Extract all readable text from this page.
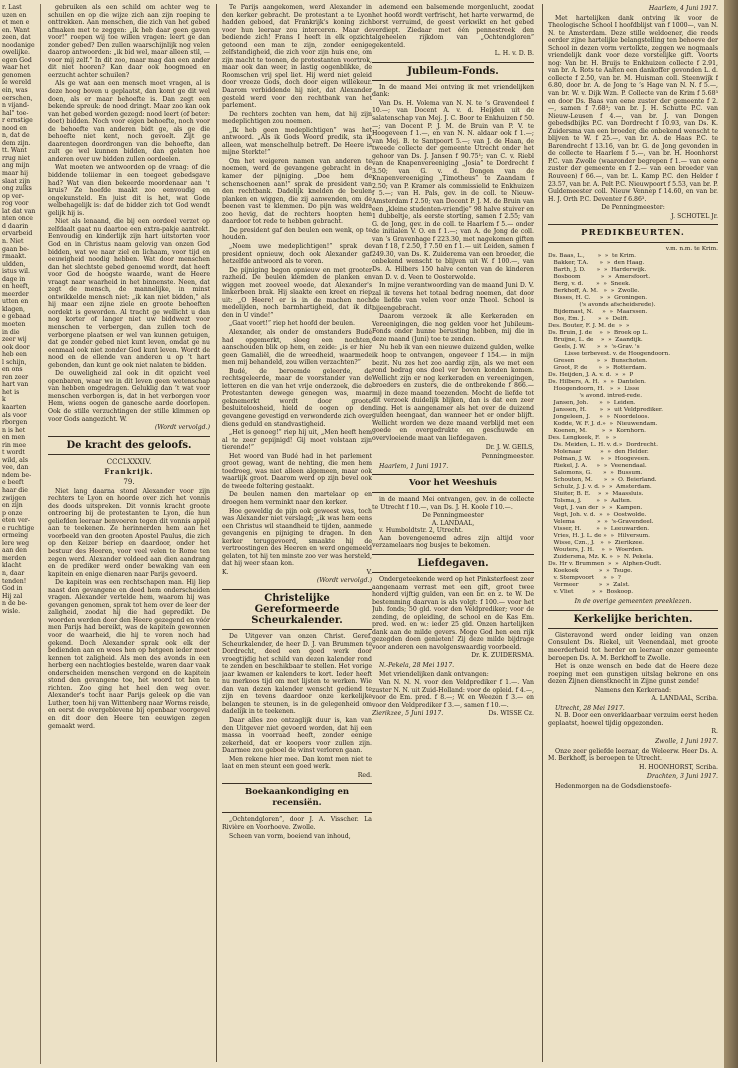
r. Last
uzen en
et men e
en. Want
zeen, dat
noodanige
owelijke.
egen God
waar het
genomen
le wereld
ein, was
eerschen,
n vijand-
hal" toe-
r ernstige
nood en
n, dat de
dem zijn.
tt. Want
rrug niet
ang mijn
maar hij
slaat zijn
ong zulks
op ver-
rog voor
lat dat van
nten once
d daarin
ervarbeid
n. Niet
gaan be-
rmaakt.
uldden,
istus wil.
dage in
en heeft,
meerder
utten en
klagen,
e gebaad
moeten
in die
zeer wij
ook door
heb een
l schijn,
en ons
ren zeer
hart van
het is
k
kaarten
als voor
rborgen
n is het
en men
rin mee
t wordt
wild, als
vee, dan
ndem be-
e beeft
haar die
zwijgen
en zijn
p onze
eten ver-
e ruchtige
ermeing
lere weg
aan den
merden
klacht
n, daar
tenden!
God in
Hij zal
n de be-
wisle.

gebruiken als een schild om achter weg te schuilen en op die wijze zich aan zijn roeping te onttrekken. Aan menschen, die zich van het gebed afmaken met te zeggen: „ik heb daar geen gaven voor!” roepen wij toe willen vragen: leert ge dan zonder gebed? Den zullen waarschijnlijk nog velen daarop antwoorden: „ik bid wel, maar alleen stil, — voor mij zelf.” In dit zoo, maar mag dan een ander dit niet hooren? Kan daar ook hoogmoed en eerzucht achter schuilen?

Als ge wat aan een mensch moet vragen, al is deze hoog boven u geplaatst, dan komt ge dit wel doen, als er maar behoefte is. Dan zegt een bekende spreuk: de nood dringt. Maar zoo kan ook van het gebed worden gezegd: nood leert (of beter: doet) bidden. Noch voor eigen behoefte, noch voor de behoefte van anderen bidt ge, als ge die behoefte niet kent, noch gevoelt. Zijt ge daarentegen doordrongen van die behoefte, dan zult ge wel kunnen bidden, dan gelaten hoe anderen over uw bidden zullen oordeelen.

Wat moeten we antwoorden op de vraag: of die biddende toliiemar in een toegeet gebedsgave had? Wat van dien bekeerde moordenaar aan 't kruis? Ze hoefde maakt zoo eenvoudig en ongekunsteld. En juist dit is het, wat Gode welbehagelijk is: dat de bidder zich tot God wendt gelijk hij is.

Niet als lenaand, die bij een oordeel verzet op zelfdaalt gaat nu daartoe een extra-pakje aantrekt. Eenvoudig en kinderlijk zijn hart uitstorten voor God en in Christus naam gelovig van onzen God bidden, wat we naar ziel en lichaam, voor tijd en eeuwigheid noodig hebben. Wat door menschen dan het slechtste gebed genoemd wordt, dat heeft voor God de hoogste waarde, want de Heere vraagt naar waarheid in het binnenste. Neen, dat zegt de mensch, de mannelijke, in minst ontwikkelde mensch niet: „ik kan niet bidden,” als hij maar een zijne ziele en groote behoeften oordekt is geworden. Al tracht ge wellicht u dan nog korter of langer niet uw biddwezt voor menschen te verbergen, dan zullen toch de verborgene plaatsen er wel van kunnen getuigen, dat ge zonder gebed niet kunt leven, omdat ge nu eenmaal ook niet zonder God kunt leven. Wordt de nood en de ellende van anderen u op 't hart gebonden, dan kunt ge ook niet nalaten te bidden.

De ouweligheid zal ook in dit opzicht veel openbaren, waar we in dit leven geen wetenschap van hebben omgedragen. Geluklig dan ’t wat voor menschen verborgen is, dat in het verborgen voor Hem, wiens oogen de ganesche aarde doorlopen. Ook de stille verzuchtingen der stille klimmen op voor Gods aangezicht. W.

(Wordt vervolgd.)
De kracht des geloofs.
CCCLXXXIV.
Frankrijk.
79.

Niet lang daarna stond Alexander voor zijn rechters te Lyon en hoorde over zich het vonnis des doods uitspreken. Dit vonnis kracht groote ontroering bij de protestanten te Lyon, die hun geliefden leeraar benvoeren tegen dit vonnis appèl aan te teekenen. Ze herinnerden hem aan het voorbeeld van den grooten Apostel Paulus, die zich op den Keizer beriep en daardoor, onder het bestuur des Heeren, voor veel velen te Rome ten zegen werd. Alexander voldeed aan dien aandrang en de prediker werd onder bewaking van een kapitein en enige dienaren naar Parijs gevoerd.

De kapitein was een rechtschapen man. Hij liep naast den gevangene en deed hem onderscheiden vragen. Alexander vertelde hem, waarom hij was gevangen genomen, sprak tot hem over de leer der zaligheid, zoodat hij die had gepredikt. De woorden werden door den Heere gezegend en vóór men Parijs had bereikt, was de kapitein gewonnen voor de waarheid, die hij te voren noch had gekend. Doch Alexander sprak ook elk der bedienden aan en wees hen op hetgeen ieder moet kennen tot zaligheid. Als men des avonds in een herberg een nachtlogies bestelde, waren daar vaak onderscheiden menschen vergond en de kapitein stond den gevangene toe, het woord tot hen te richten. Zoo ging het heel den weg over. Alexander's tocht naar Parijs geleek op die van Luther, toen hij van Wittenberg naar Worms reisde, en eerst de overgeblevene bij openbaar voorgevel en dit door den Heere ten eeuwigen zegen gemaakt werd.

Te Parijs aangekomen, werd Alexander in den kerker gebracht. De protestant a te Lyon hadden geboed, dat Frankrijk's koning zich voor hun leeraar zou interceren. Maar de bediende zich! Frans I heeft in elk opzicht getoond een man te zijn, zonder eenige zelfstandigheid, die zich voor zijn huis ene, om zijn macht te toonen, de protestanten voortrok, maar ook dan weer, in lastig oogenblikke, de Roomschen vrij spel liet. Hij werd niet geleid door vreeze Gods, doch door eigen willekeur. Daarom verbiddende hij niet, dat Alexander gesteld werd voor den rechtbank van het parlement.

De rechters zochten van hem, dat hij zijn medeplichtigen zou noemen.

„Ik heb geen medeplichtigen” was het antwoord. „Als ik Gods Woord predik, sta ik alleen, wat menschelhulp betreft. De Heere is mijne Sterkte!”

Om het weigeren namen van anderen te noemen, werd de gevangene gebracht in de kamer der pijniging. „Doe hem de schenschoenen aan!” sprak de president van den rechtbank. Dadelijk knelden de beulen planken en wiggen, die zij aanwenden, om de beenen vast te klemmen. Do pijn was weldra zoo hevig, dat de rechters hoopten hem daardoor tot rede te hebben gebracht.

De president gaf den beulen een wenk, op te houden.

„Noem uwe medeplichtigen!” sprak de president opnieuw, doch ook Alexander gaf hetzelfde antwoord als te voren.

De pijniging begon opnieuw en met grooter razheid. De beulen klemden de planken en wiggen met zooveel woede, dat Alexander's linkerbeen brak. Hij slaakte een kreet en riep uit: „O Heere! er is in de machen noch medelijden, noch barmhartigheid, dat ik dit den in U vinde!”

„Gaat voort!” riep het hoofd der beulen.

Alexander, als onder de omstanders Budé had opgemerkt, sloeg een nochten, aanschouden blik op hem, en zeide: „is er hier geen Gamaliël, die de wreedheid, waarmede men mij behandeld, zou willen verzachten?”

Budé, de beroemde geleerde, de rechtsgeleerde, maar de voorstander van de letteren en die van het vrije onderzoek, die de Protestanten dewege genegen was, maar geknemerkt wordt door groote besluiteloosheid, hield de oogen op den gevangene gevestigd en verwonderde zich over diens geduld en standvastigheid.

„Het is genoeg!” riep hij uit, „Men heeft hem al te zeer gepijnigd! Gij moet volstaan zijn tierende!”

Het woord van Budé had in het parlement groot gewag, want de nehting, die men hem toedroeg, was niet alleen algemeen, maar ook waarlijk groot. Daarom werd op zijn bevel ook de tweede foltering gestaakt.

De beulen namen den martelaar op en droegen hem verminkt naar den kerker.

Hoe geweldig de pijn ook geweest was, toch was Alexander niet verslagd; „ik was hem eens een Christus wil staandheid te tijden, aanmede gevangenis en pijniging te dragen. In den kerker teruggevoerd, smaakte hij de vertroostingen des Heeren en werd ongemeeld gelaten, tot hij ten minste zoo ver was hersteld, dat hij weer staan kon.

K.	V.
(Wordt vervolgd.)
Christelijke Gereformeerde Scheurkalender.

De Uitgever van onzen Christ. Geref. Scheurkalender, de heer D. J. van Brummen te Dordrecht, deed een goed werk door vroegtijdig het schild van dezen kalender rond te zenden en beschikbaar te stellen. Het vorige jaar kwamen er kalenders te kort. Ieder heeft nu merkoos tijd om met lijsten te werken. Wie dan van dezen kalender wenscht gediend te zijn en tevens daardoor onze kerkelijke belangen te steunen, is in de gelegenheid om dadelijk in te teekenen.

Daar alles zoo ontzaglijk duur is, kan van den Uitgever niet gevoerd worden, dat hij een massa in voorraad heeft, zonder eenige zekerheid, dat er koopers voor zullen zijn. Daarmee zou geboel de winst verloren gaan.

Men rekene hier mee. Dan komt men niet te laat en men steunt een goed werk.

Red.
Boekaankondiging en recensiën.

„Ochtendgloren”, door J. A. Visscher. La Rivière en Voorhoeve. Zwolle.

Scheen van vorm, boeiend van inhoud,

ademend een balsemende morgenlucht, zoodat het hoofd wordt verfrischt, het harte verwarmd, de borst verruimd, de geest verkwikt en het gebed verdiept. Ziedaar met één pennestreek den algeheelen rijkdom van „Ochtendgloren” gekenteld.

L. H. v. D. B.
Jubileum-Fonds.

In de maand Mei ontving ik met vriendelijken dank:

Van Ds. H. Volema van N. N. te ’s Gravendeel f 10.—; van Docent A. v. d. Heijden uit de salatenschap van Mej. J. C. Boor te Enkhuizen f 50.—; van Docent P. J. M. de Bruin van P. V. te Hoogeveen f 1.—, en van N. N. aldaar ook f 1.—; van Mej. B. te Santpoort 5.—; van J. de Haan, de tweede collecte der gemeente Utrecht onder het gehoor van Ds. J. Jansen f 90.75¹; van C. v. Riebl van de Knapenvereeniging „Josia” te Dordrecht f 3.50; van G. v. d. Dongen van de Knapenvereeniging „Timotheus” te Zaandam f 2.50; van P. Kramer als commissielid te Enkhuizen f 5.—; van H. Pals, gev. in de coll. te Nieuw-Amsterdam f 2.50; van Docent P. J. M. de Bruin van een „kleine studenten-vriendje” 98 halve stuiver en 1 dubbeltje, als eerste storting, samen f 2.55; van G. de Jong, gev. in de coll. te Haarlem f 5.— onder de initialen V. O. en f 1.—; van A. de Jong de coll. van ’s Gravenhage f 223.30, met nagekomen giften van f 18, f 2.50, f 7.50 en f 1.— uit Leiden, samen f 249.30, van Ds. K. Zuiderema van een broeder, die onbekend wenscht te blijven uit W. f 100.—, van Ds. A. Hilbers 150 halve centen van de kinderen van D. v. d. Veen te Oosterwolde.

In mijne verantwoording van de maand Juni D. V. zal ik tevens het totaal bedrag noemen, dat door de liefde van velen voor onze Theol. School is bijeengebracht.

Daarom verzoek ik alle Kerkeraden en Vereenigingen, die nog gelden voor het Jubileum-Fonds onder hunne berusting hebben, mij die in deze maand (Juni) toe te zenden.

Nu heb ik van een nieuwe duizend gulden, welke ik hoop te ontvangen, ongeveer f 154.— in mijn bezit. Nu zes het zoo aardig zijn, als we met een rond bedrag ons doel ver boven konden komen. Wellicht zijn er nog kerkeraden en vereenigingen, broeders en zusters, die de ontbrekende f 866.— mij in deze maand toezenden. Mocht de liefde tot dit verzoek duidelijk blijken, dan is dat een zeer ding. Het is aangenamer als het over de duizend gulden heengaat, dan wanneer het er onder blijft. Wellicht worden we deze maand verblijd met een goede en overgedrukte en geschuwde en overvloeiende maat van liefdegaven.

Dr. J. W. GEILS,
Penningmeester.
Haarlem, 1 Juni 1917.
Voor het Weeshuis

in de maand Mei ontvangen, gev. in de collecte te Utrecht f 10.—, van Ds. J. H. Koole f 10.—.

De Penningmeester
A. LANDAAL,
v. Humboldtstr. 2, Utrecht.

Aan bovengenoemd adres zijn altijd voor verzamelaars nog busjes te bekomen.

Liefdegaven.

Ondergeteekende werd op het Pinksterfeest zeer aangenaam verrast met een gift, groot twee honderd vijftig gulden, van een br. en z. te W. De bestemming daarvan is als volgt: f 100.— voor het Jub. fonds; 50 gld. voor den Veldprediker; voor de zending, de opleiding, de school en de Kas Em. pred. wed. en w.: ieder 25 gld. Onzen hartelijken dank aan de milde gevers. Moge God hen een rijk gezegden doen genieten! Zij deze milde bijdrage voor anderen een navolgenswaardig voorbeeld.

Dr. K. ZUIDERSMA.

N.-Pekela, 28 Mei 1917.

Met vriendelijken dank ontvangen:

Van N. N. N. voor den Veldprediker f 1.—. Van zuster N. N. uit Zuid-Holland: voor de opleid. f 4.—, voor de Em. pred. f 8.—; W. en Weezen f 3.— en voor den Veldprediker f 3.—, samen f 10.—.

Zierikzee, 5 Juni 1917.	Ds. WISSE Cz.
Haarlem, 4 Juni 1917.

Met hartelijken dank ontving ik voor de Theologische School I hoofdblijst van f 1000—, van N. N. te Amsterdam. Deze stille weldoener, die reeds eerder zijne hartelijke belangstelling ten behoeve der School in dezen vorm vertolkte, zeggen we nogmaals vriendelijk dank voor deze vorstelijke gift. Voorts nog: Van br. H. Bruijs te Enkhuizen collecte f 2.91, van br. A. Rots te Aalten een dankoffer gevonden L. d. collecte f 2.50, van br. M. Huisman coll. Steenwijk f 6.80, door br. A. de Jong te ’s Hage van N. N. f 5.—, van br. W. v. Dijk Wzn. P. Collecte van de Krim f 5.68³ en door Ds. Baas van eene zuster der gemeente f 2.—, samen f 7.68³; van br. J. H. Schutte P.C. van Nieuw-Leusen f 4.—, van br. J. van Dongen gebedsdbijks P.C. van Dordrecht f 10.93, van Ds. K. Zuidersma van een broeder, die onbekend wenscht te blijven te W. f 25.—, van br. A. de Haas P.C. te Barendrecht f 13.16, van br. G. de Jong gevonden in de collecte te Haarlem f 5.—, van br. H. Hoonhorst P.C. van Zwolle (waaronder begrepen f 1.— van eene zuster der gemeente en f 2.— van een broeder van Rouveen) f 66.—, van br. L. Kamp P.C. den Helder f 23.57, van br. A. Pelt P.C. Nieuwpoort f 5.53, van br. P. Guldemeester coll. Nieuw Vennep f 14.60, en van br. H. J. Orth P.C. Deventer f 6.86³.

De Penningmeester:
J. SCHOTEL Jr.
PREDIKBEURTEN.
v.m. n.m. te Krim.
Ds. Baas, L.,       »  »  te Krim.
Bakker, T.A.      »  »  den Haag.
Barth, J. D.      »  »  Harderwijk.
Bosboom           »  »  Amersfoort.
Berg, v. d.       »  »  Sneek.
Berkhoff, A. M.   »  »  Zwolle.
Bisses, H. C.     »  »  Groningen.
('s avonds afscheidsrede).
Bijdemast, N.     »  »  Maarssen.
Bos, Em. J.       »  »  Delft.
Des. Bouter, F. J. M. de  »  »
Ds. Bruin, J. de    »  »  Broek op L.
Bruijne, L. de    »  »  Zaandijk.
Geels, J. W.      »  »  's-Grav. 's
Lisse terbevest. v. de Hoogendoorn.
Gresen            »  »  Bunschoten.
Groot, P. de      »  »  Rotterdam.
Ds. Heijden, J. A. v. d.  »  »  P
Ds. Hilbers, A. H.  »  »  Dantelen.
Hoogendoorn, H.   »  »  Lisse
's avond. intred-rede.
Jansen, Joh.      »  »  Leiden.
Janssen, H.       »  »  uit Veldprediker.
Jongeleen, J.     »  »  Noordeloos.
Kodde, W. F. J. d.»  »  Nieuwendam.
Koenen, M.        »  »  Kornhorn.
Des. Lengkeek, F.   »  »
Ds. Meiden, L. H. v. d.»  Dordrecht.
Molenaar          »  »  den Helder.
Polman, J. W.     »  »  Hoogeveen.
Riekel, J. A.     »  »  Veenendaal.
Salomons, G.      »  »  Bussum.
Schouten, M.      »  »  O. Beierland.
Schulz, J. J. v. d. »  »  Amsterdam.
Sluiter, B. E.    »  »  Maassluis.
Tolsma, J.        »  »  Aalten.
Vegt, J. van der  »  »  Kampen.
Vegt, Joh. v. d.  »  »  Oostwolde.
Velema            »  »  's-Gravendeel.
Visser, H.        »  »  Leeuwarden.
Vries, H. J. L. de »  »  Hilversum.
Wisse, Czn., J.   »  »  Zierikzee.
Wouters, J. H.    »  »  Woerden.
Zuidersma, Mz. K. »  »  N. Pekela.
Ds. Hr v. Brummen  »  »  Alphen-Oudt.
Koekoek           »  »  Tsuge.
v. Stempvoort     »  »  ?
Vermeer           »  »  Zalst.
v. Vliet          »  »  Boskoop.
In de overige gemeenten preeklezen.
Kerkelijke berichten.

Gisteravond werd onder leiding van onzen Consulent Ds. Riekel, uit Veenendaal, met groote meerderheid tot herder en leeraar onzer gemeente beroepen Ds. A. M. Berkhoff te Zwolle.

Het is onze wensch en bede dat de Heere deze roeping met een gunstigen uitslag bekrone en ons dezen Zijnen dienstknecht in Zijne gunst zende!

Namens den Kerkeraad:
A. LANDAAL, Scriba.
Utrecht, 28 Mei 1917.

N. B. Door een onverklaarbaar verzuim eerst heden geplaatst, hoewel tijdig opgezonden.

R.
Zwolle, 1 Juni 1917.

Onze zeer geliefde leeraar, de Weleerw. Heer Ds. A. M. Berkhoff, is beroepen te Utrecht.

H. HOONHORST, Scriba.
Drachten, 3 Juni 1917.

Hedenmorgen na de Godsdienstoefe-
